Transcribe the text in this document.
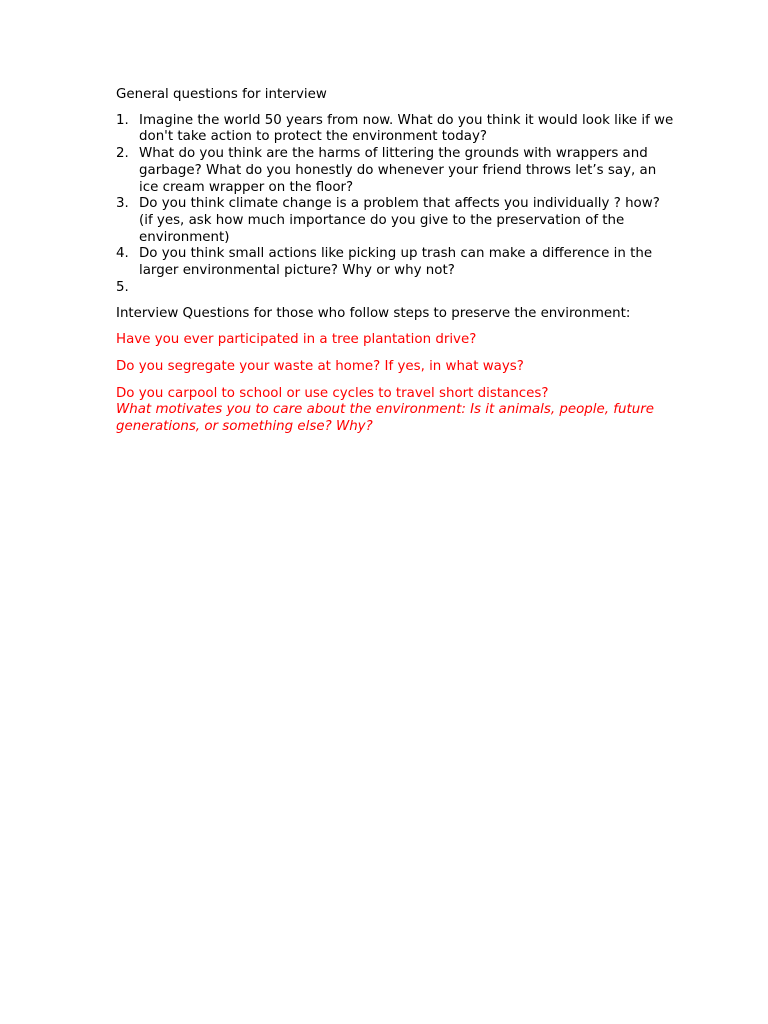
General questions for interview
1. Imagine the world 50 years from now. What do you think it would look like if we don't take action to protect the environment today?
2. What do you think are the harms of littering the grounds with wrappers and garbage? What do you honestly do whenever your friend throws let’s say, an ice cream wrapper on the floor?
3. Do you think climate change is a problem that affects you individually ? how? (if yes, ask how much importance do you give to the preservation of the environment)
4. Do you think small actions like picking up trash can make a difference in the larger environmental picture? Why or why not?
5.

Interview Questions for those who follow steps to preserve the environment:
Have you ever participated in a tree plantation drive?
Do you segregate your waste at home? If yes, in what ways?
Do you carpool to school or use cycles to travel short distances?
What motivates you to care about the environment: Is it animals, people, future generations, or something else? Why?
